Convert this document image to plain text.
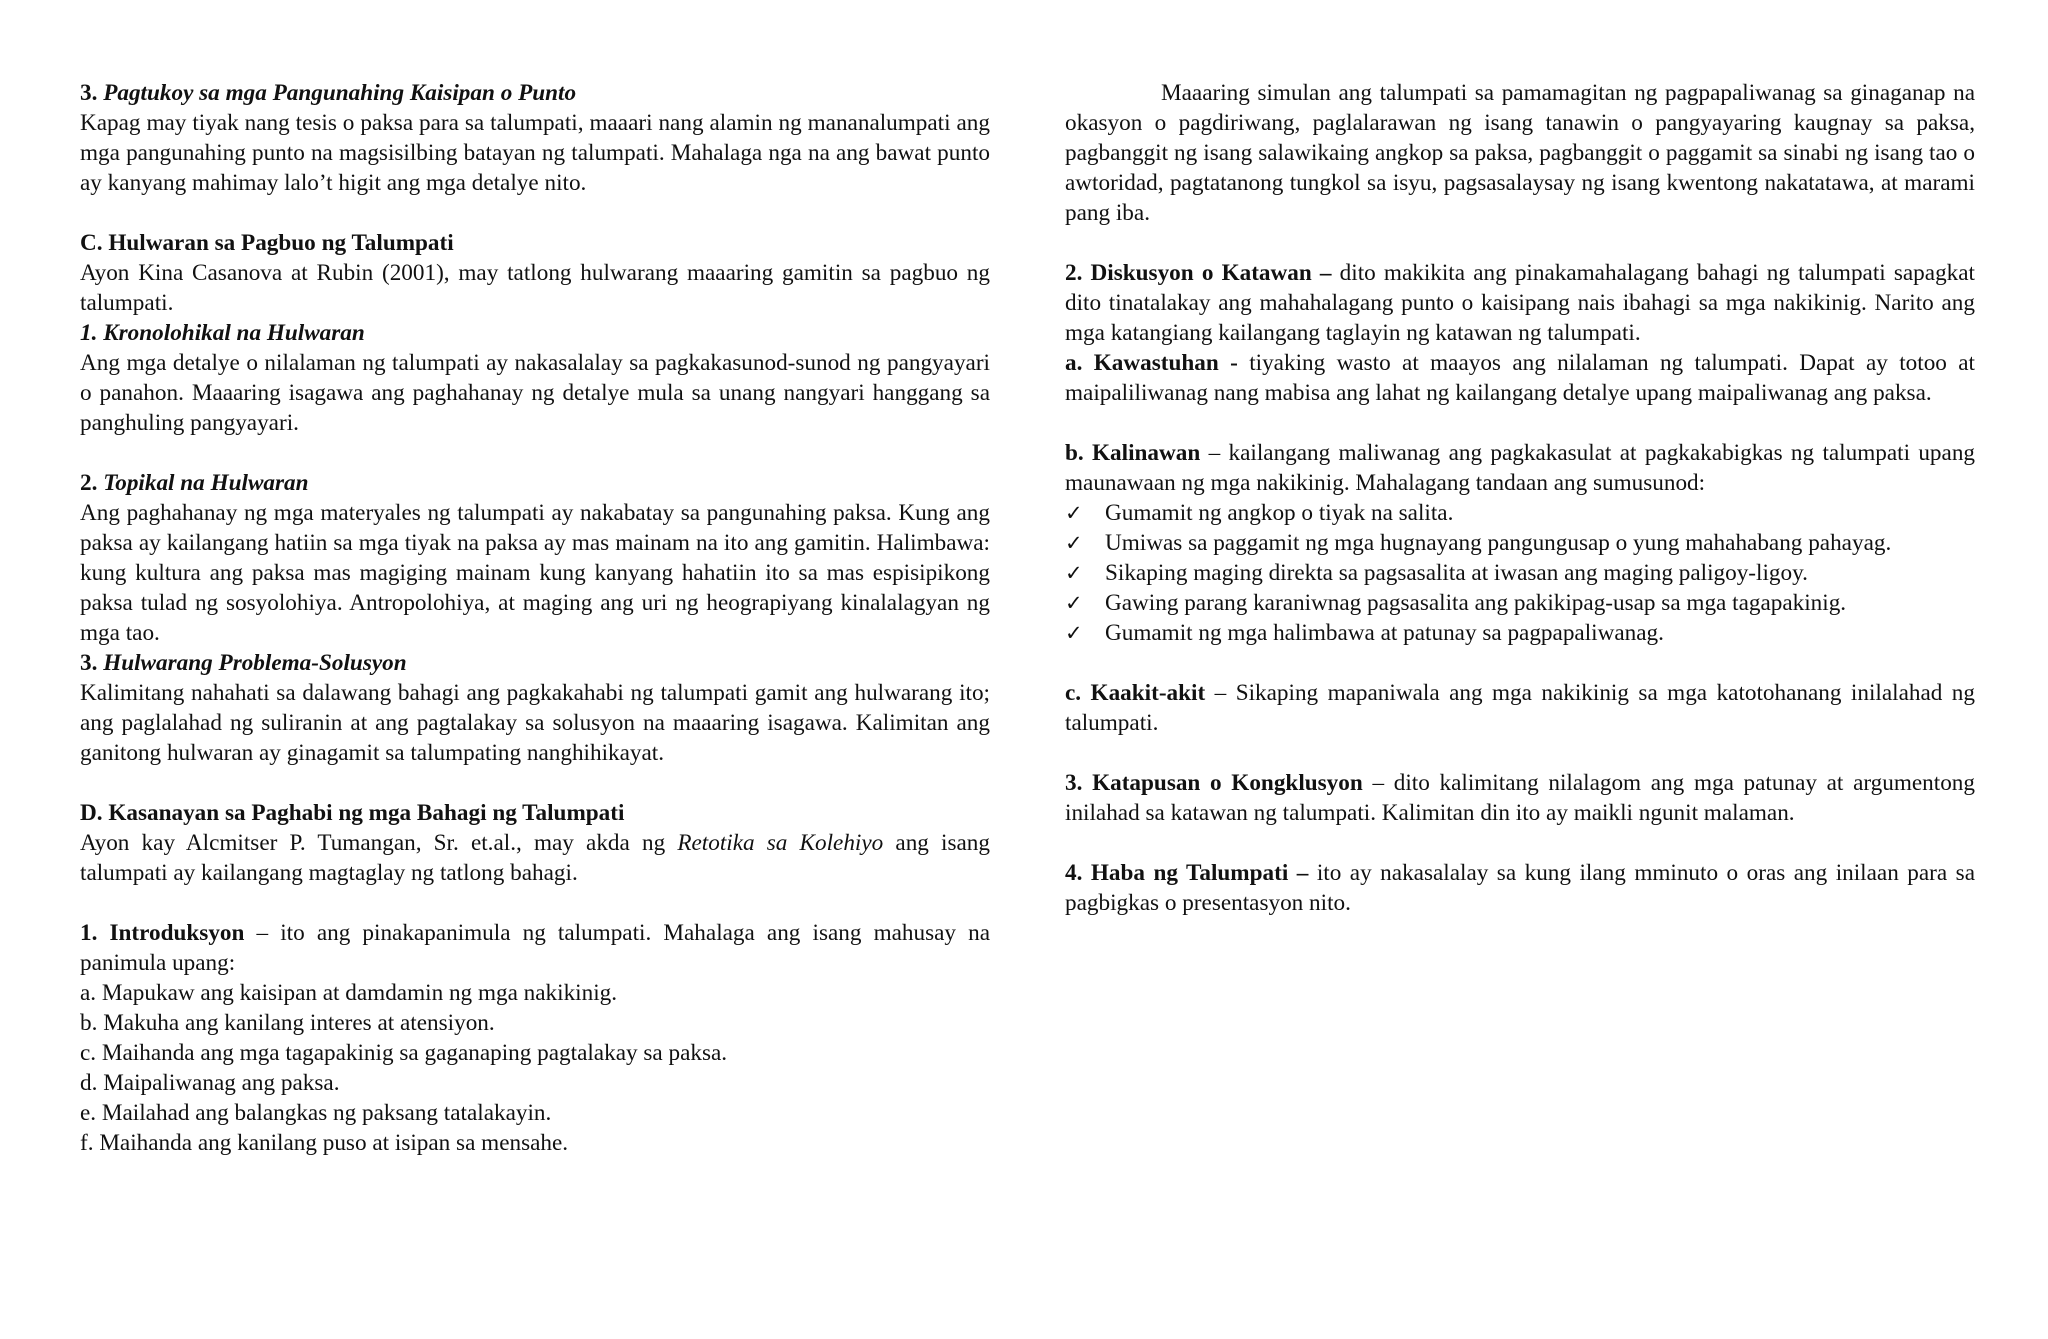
3. Pagtukoy sa mga Pangunahing Kaisipan o Punto

Kapag may tiyak nang tesis o paksa para sa talumpati, maaari nang alamin ng mananalumpati ang mga pangunahing punto na magsisilbing batayan ng talumpati. Mahalaga nga na ang bawat punto ay kanyang mahimay lalo’t higit ang mga detalye nito.

C. Hulwaran sa Pagbuo ng Talumpati

Ayon Kina Casanova at Rubin (2001), may tatlong hulwarang maaaring gamitin sa pagbuo ng talumpati.

1. Kronolohikal na Hulwaran

Ang mga detalye o nilalaman ng talumpati ay nakasalalay sa pagkakasunod-sunod ng pangyayari o panahon. Maaaring isagawa ang paghahanay ng detalye mula sa unang nangyari hanggang sa panghuling pangyayari.

2. Topikal na Hulwaran

Ang paghahanay ng mga materyales ng talumpati ay nakabatay sa pangunahing paksa. Kung ang paksa ay kailangang hatiin sa mga tiyak na paksa ay mas mainam na ito ang gamitin. Halimbawa: kung kultura ang paksa mas magiging mainam kung kanyang hahatiin ito sa mas espisipikong paksa tulad ng sosyolohiya. Antropolohiya, at maging ang uri ng heograpiyang kinalalagyan ng mga tao.

3. Hulwarang Problema-Solusyon

Kalimitang nahahati sa dalawang bahagi ang pagkakahabi ng talumpati gamit ang hulwarang ito; ang paglalahad ng suliranin at ang pagtalakay sa solusyon na maaaring isagawa. Kalimitan ang ganitong hulwaran ay ginagamit sa talumpating nanghihikayat.

D. Kasanayan sa Paghabi ng mga Bahagi ng Talumpati

Ayon kay Alcmitser P. Tumangan, Sr. et.al., may akda ng Retotika sa Kolehiyo ang isang talumpati ay kailangang magtaglay ng tatlong bahagi.

1. Introduksyon – ito ang pinakapanimula ng talumpati. Mahalaga ang isang mahusay na panimula upang:

a. Mapukaw ang kaisipan at damdamin ng mga nakikinig.

b. Makuha ang kanilang interes at atensiyon.

c. Maihanda ang mga tagapakinig sa gaganaping pagtalakay sa paksa.

d. Maipaliwanag ang paksa.

e. Mailahad ang balangkas ng paksang tatalakayin.

f. Maihanda ang kanilang puso at isipan sa mensahe.

Maaaring simulan ang talumpati sa pamamagitan ng pagpapaliwanag sa ginaganap na okasyon o pagdiriwang, paglalarawan ng isang tanawin o pangyayaring kaugnay sa paksa, pagbanggit ng isang salawikaing angkop sa paksa, pagbanggit o paggamit sa sinabi ng isang tao o awtoridad, pagtatanong tungkol sa isyu, pagsasalaysay ng isang kwentong nakatatawa, at marami pang iba.

2. Diskusyon o Katawan – dito makikita ang pinakamahalagang bahagi ng talumpati sapagkat dito tinatalakay ang mahahalagang punto o kaisipang nais ibahagi sa mga nakikinig. Narito ang mga katangiang kailangang taglayin ng katawan ng talumpati.

a. Kawastuhan - tiyaking wasto at maayos ang nilalaman ng talumpati. Dapat ay totoo at maipaliliwanag nang mabisa ang lahat ng kailangang detalye upang maipaliwanag ang paksa.

b. Kalinawan – kailangang maliwanag ang pagkakasulat at pagkakabigkas ng talumpati upang maunawaan ng mga nakikinig. Mahalagang tandaan ang sumusunod:

✓ Gumamit ng angkop o tiyak na salita.
✓ Umiwas sa paggamit ng mga hugnayang pangungusap o yung mahahabang pahayag.
✓ Sikaping maging direkta sa pagsasalita at iwasan ang maging paligoy-ligoy.
✓ Gawing parang karaniwnag pagsasalita ang pakikipag-usap sa mga tagapakinig.
✓ Gumamit ng mga halimbawa at patunay sa pagpapaliwanag.

c. Kaakit-akit – Sikaping mapaniwala ang mga nakikinig sa mga katotohanang inilalahad ng talumpati.

3. Katapusan o Kongklusyon – dito kalimitang nilalagom ang mga patunay at argumentong inilahad sa katawan ng talumpati. Kalimitan din ito ay maikli ngunit malaman.

4. Haba ng Talumpati – ito ay nakasalalay sa kung ilang mminuto o oras ang inilaan para sa pagbigkas o presentasyon nito.
